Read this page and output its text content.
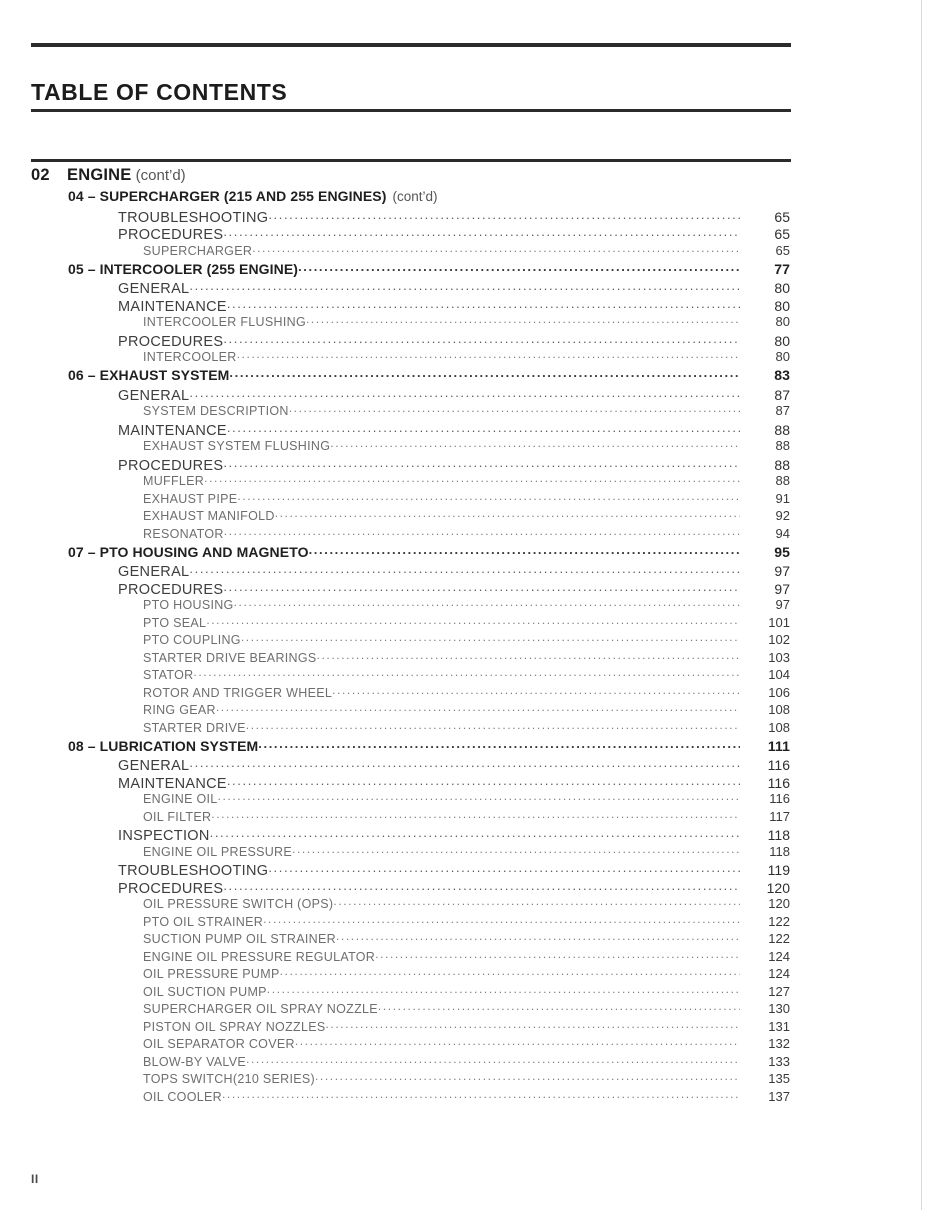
TABLE OF CONTENTS
02	ENGINE
(cont’d)
04 – SUPERCHARGER (215 AND 255 ENGINES) (cont’d)
TROUBLESHOOTING .....	65
PROCEDURES .....	65
SUPERCHARGER .....	65
05 – INTERCOOLER (255 ENGINE) .....	77
GENERAL .....	80
MAINTENANCE .....	80
INTERCOOLER FLUSHING .....	80
PROCEDURES .....	80
INTERCOOLER .....	80
06 – EXHAUST SYSTEM .....	83
GENERAL .....	87
SYSTEM DESCRIPTION .....	87
MAINTENANCE .....	88
EXHAUST SYSTEM FLUSHING .....	88
PROCEDURES .....	88
MUFFLER .....	88
EXHAUST PIPE .....	91
EXHAUST MANIFOLD .....	92
RESONATOR .....	94
07 – PTO HOUSING AND MAGNETO .....	95
GENERAL .....	97
PROCEDURES .....	97
PTO HOUSING .....	97
PTO SEAL .....	101
PTO COUPLING .....	102
STARTER DRIVE BEARINGS .....	103
STATOR .....	104
ROTOR AND TRIGGER WHEEL .....	106
RING GEAR .....	108
STARTER DRIVE .....	108
08 – LUBRICATION SYSTEM .....	111
GENERAL .....	116
MAINTENANCE .....	116
ENGINE OIL .....	116
OIL FILTER .....	117
INSPECTION .....	118
ENGINE OIL PRESSURE .....	118
TROUBLESHOOTING .....	119
PROCEDURES .....	120
OIL PRESSURE SWITCH (OPS) .....	120
PTO OIL STRAINER .....	122
SUCTION PUMP OIL STRAINER .....	122
ENGINE OIL PRESSURE REGULATOR .....	124
OIL PRESSURE PUMP .....	124
OIL SUCTION PUMP .....	127
SUPERCHARGER OIL SPRAY NOZZLE .....	130
PISTON OIL SPRAY NOZZLES .....	131
OIL SEPARATOR COVER .....	132
BLOW-BY VALVE .....	133
TOPS SWITCH(210 SERIES) .....	135
OIL COOLER .....	137
II
